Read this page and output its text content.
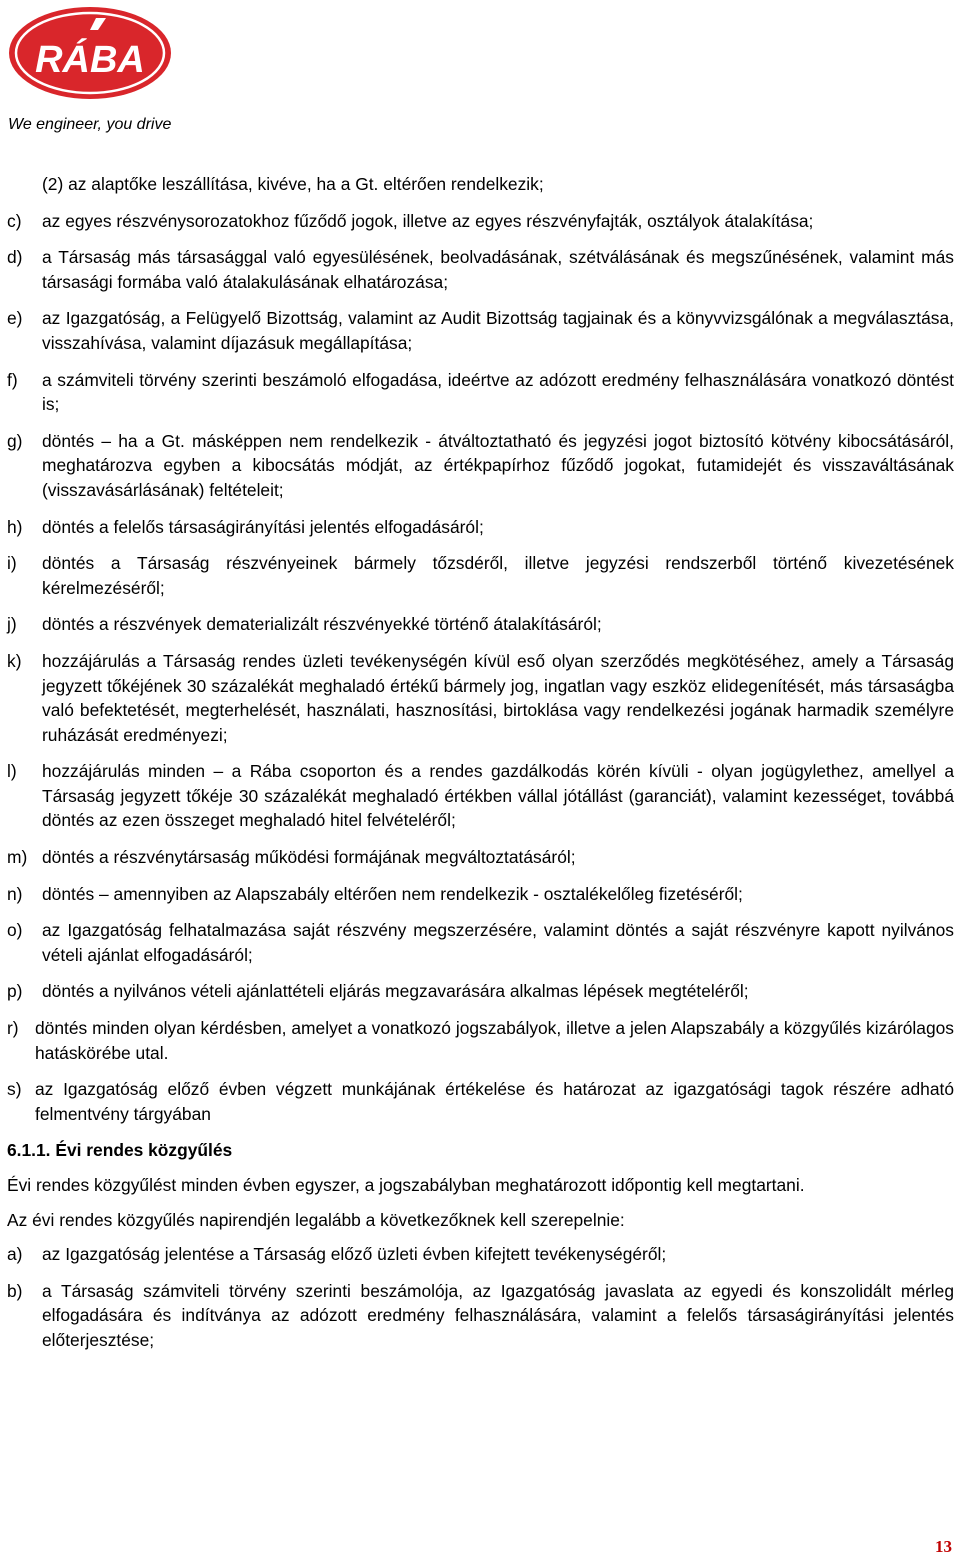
RÁBA
We engineer, you drive
(2) az alaptőke leszállítása, kivéve, ha a Gt. eltérően rendelkezik;
c)	az egyes részvénysorozatokhoz fűződő jogok, illetve az egyes részvényfajták, osztályok átalakítása;
d)	a Társaság más társasággal való egyesülésének, beolvadásának, szétválásának és megszűnésének, valamint más társasági formába való átalakulásának elhatározása;
e)	az Igazgatóság, a Felügyelő Bizottság, valamint az Audit Bizottság tagjainak és a könyvvizsgálónak a megválasztása, visszahívása, valamint díjazásuk megállapítása;
f)	a számviteli törvény szerinti beszámoló elfogadása, ideértve az adózott eredmény felhasználására vonatkozó döntést is;
g)	döntés – ha a Gt. másképpen nem rendelkezik - átváltoztatható és jegyzési jogot biztosító kötvény kibocsátásáról, meghatározva egyben a kibocsátás módját, az értékpapírhoz fűződő jogokat, futamidejét és visszaváltásának (visszavásárlásának) feltételeit;
h)	döntés a felelős társaságirányítási jelentés elfogadásáról;
i)	döntés a Társaság részvényeinek bármely tőzsdéről, illetve jegyzési rendszerből történő kivezetésének kérelmezéséről;
j)	döntés a részvények dematerializált részvényekké történő átalakításáról;
k)	hozzájárulás a Társaság rendes üzleti tevékenységén kívül eső olyan szerződés megkötéséhez, amely a Társaság jegyzett tőkéjének 30 százalékát meghaladó értékű bármely jog, ingatlan vagy eszköz elidegenítését, más társaságba való befektetését, megterhelését, használati, hasznosítási, birtoklása vagy rendelkezési jogának harmadik személyre ruházását eredményezi;
l)	hozzájárulás minden – a Rába csoporton és a rendes gazdálkodás körén kívüli - olyan jogügylethez, amellyel a Társaság jegyzett tőkéje 30 százalékát meghaladó értékben vállal jótállást (garanciát), valamint kezességet, továbbá döntés az ezen összeget meghaladó hitel felvételéről;
m) döntés a részvénytársaság működési formájának megváltoztatásáról;
n)	döntés – amennyiben az Alapszabály eltérően nem rendelkezik - osztalékelőleg fizetéséről;
o)	az Igazgatóság felhatalmazása saját részvény megszerzésére, valamint döntés a saját részvényre kapott nyilvános vételi ajánlat elfogadásáról;
p)	döntés a nyilvános vételi ajánlattételi eljárás megzavarására alkalmas lépések megtételéről;
r) döntés minden olyan kérdésben, amelyet a vonatkozó jogszabályok, illetve a jelen Alapszabály a közgyűlés kizárólagos hatáskörébe utal.
s) az Igazgatóság előző évben végzett munkájának értékelése és határozat az igazgatósági tagok részére adható felmentvény tárgyában
6.1.1. Évi rendes közgyűlés
Évi rendes közgyűlést minden évben egyszer, a jogszabályban meghatározott időpontig kell megtartani.
Az évi rendes közgyűlés napirendjén legalább a következőknek kell szerepelnie:
a)	az Igazgatóság jelentése a Társaság előző üzleti évben kifejtett tevékenységéről;
b)	a Társaság számviteli törvény szerinti beszámolója, az Igazgatóság javaslata az egyedi és konszolidált mérleg elfogadására és indítványa az adózott eredmény felhasználására, valamint a felelős társaságirányítási jelentés előterjesztése;
13
